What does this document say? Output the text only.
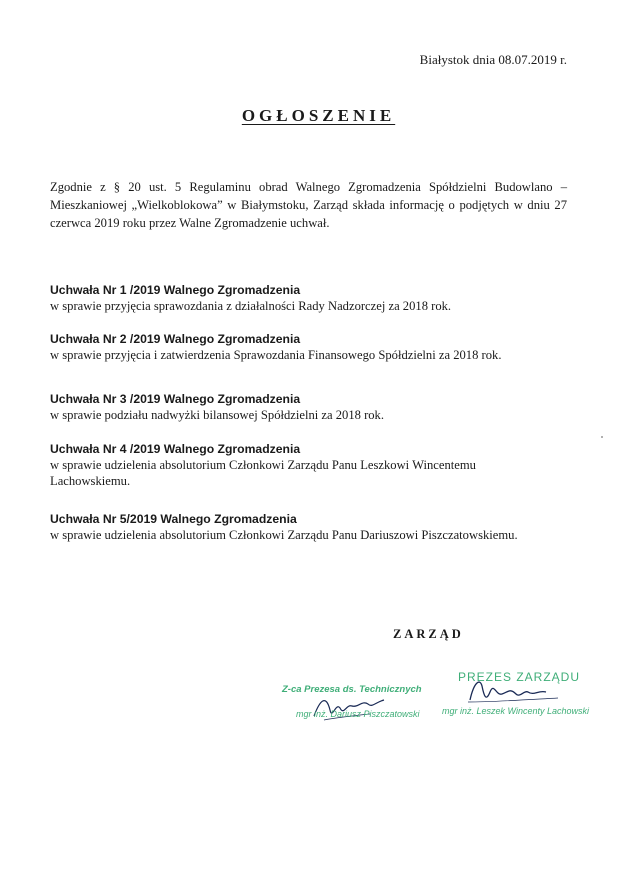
Białystok dnia 08.07.2019 r.
OGŁOSZENIE
Zgodnie z § 20 ust. 5 Regulaminu obrad Walnego Zgromadzenia Spółdzielni Budowlano –Mieszkaniowej „Wielkoblokowa” w Białymstoku, Zarząd składa informację o podjętych w dniu 27 czerwca 2019 roku przez Walne Zgromadzenie uchwał.
Uchwała Nr 1 /2019 Walnego Zgromadzenia
w sprawie przyjęcia sprawozdania z działalności Rady Nadzorczej za 2018 rok.
Uchwała Nr 2 /2019 Walnego Zgromadzenia
w sprawie przyjęcia i zatwierdzenia Sprawozdania Finansowego Spółdzielni za 2018 rok.
Uchwała Nr 3 /2019 Walnego Zgromadzenia
w sprawie podziału nadwyżki bilansowej Spółdzielni za 2018 rok.
Uchwała Nr 4 /2019 Walnego Zgromadzenia
w sprawie udzielenia absolutorium Członkowi Zarządu Panu Leszkowi Wincentemu Lachowskiemu.
Uchwała Nr 5/2019 Walnego Zgromadzenia
w sprawie udzielenia absolutorium Członkowi Zarządu Panu Dariuszowi Piszczatowskiemu.
ZARZĄD
Z-ca Prezesa ds. Technicznych
mgr inż. Dariusz Piszczatowski
PREZES ZARZĄDU
mgr inż. Leszek Wincenty Lachowski
